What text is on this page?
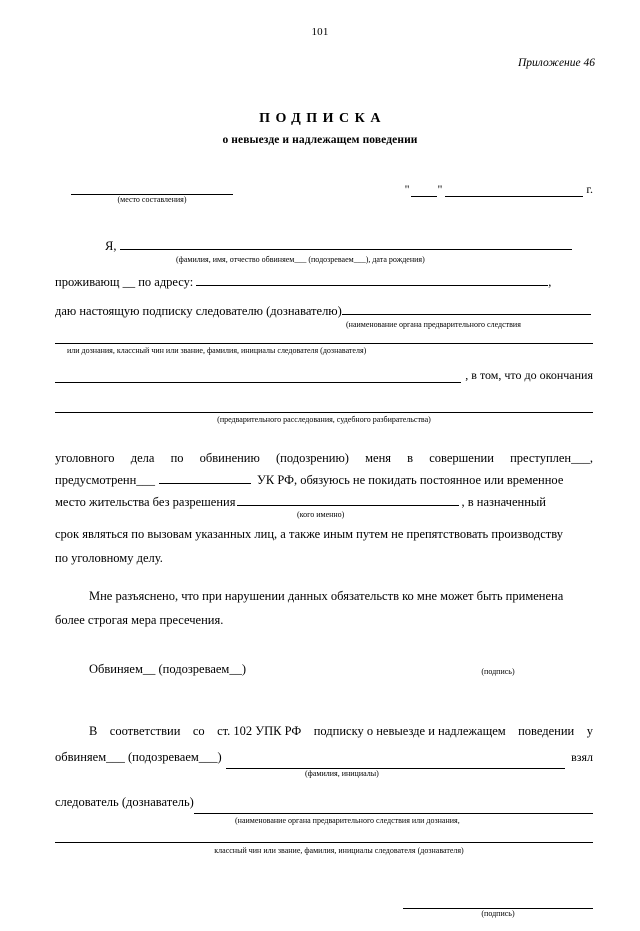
101
Приложение 46
ПОДПИСКА
о невыезде и надлежащем поведении
(место составления)
" "	г.
Я,
(фамилия, имя, отчество обвиняем___ (подозреваем___), дата рождения)
проживающ __ по адресу:	,
даю настоящую подписку следователю (дознавателю)
(наименование органа предварительного следствия
или дознания, классный чин или звание, фамилия, инициалы следователя (дознавателя)
, в том, что до окончания
(предварительного расследования, судебного разбирательства)
уголовного дела по обвинению (подозрению) меня в совершении преступлен___,
предусмотренн___	УК РФ, обязуюсь не покидать постоянное или временное
место жительства без разрешения	, в назначенный
(кого именно)
срок являться по вызовам указанных лиц, а также иным путем не препятствовать производству
по уголовному делу.
Мне разъяснено, что при нарушении данных обязательств ко мне может быть применена
более строгая мера пресечения.
Обвиняем__ (подозреваем__)	(подпись)
В соответствии со ст. 102 УПК РФ подписку о невыезде и надлежащем поведении у
обвиняем___ (подозреваем___)	взял
(фамилия, инициалы)
следователь (дознаватель)
(наименование органа предварительного следствия или дознания,
классный чин или звание, фамилия, инициалы следователя (дознавателя)
(подпись)
